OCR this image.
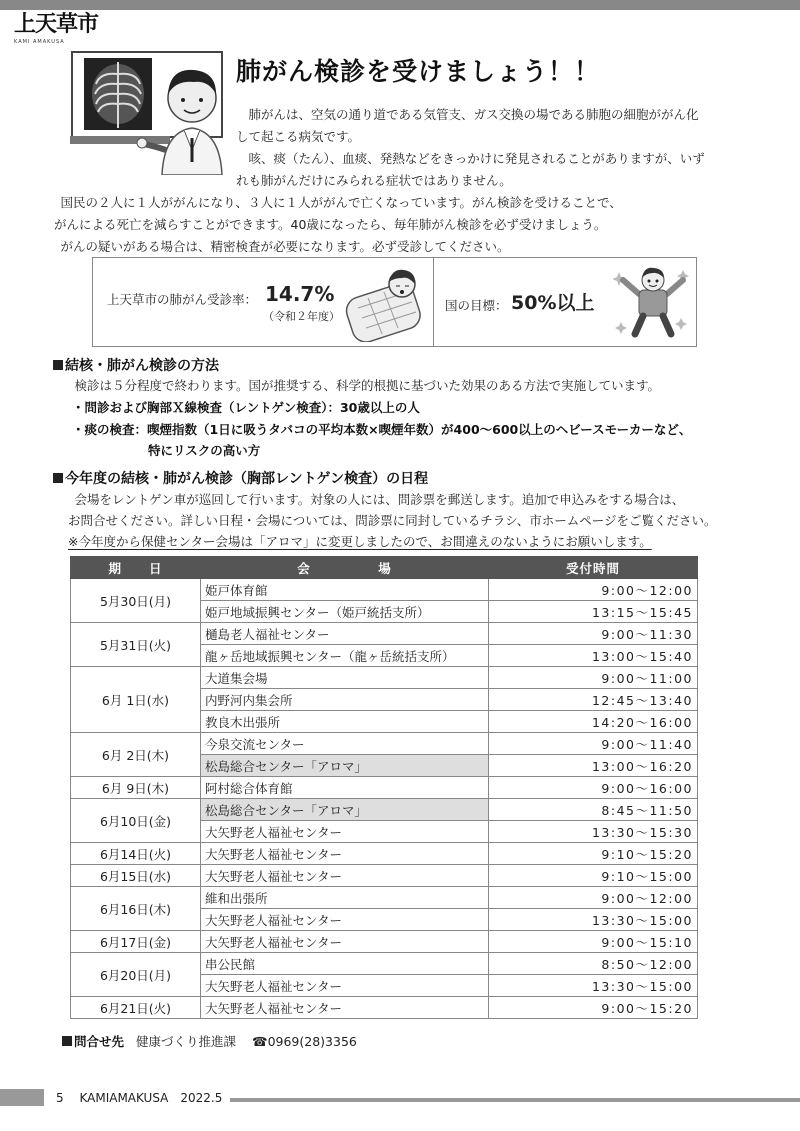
上天草市
KAMI AMAKUSA
肺がん検診を受けましょう！！
　肺がんは、空気の通り道である気管支、ガス交換の場である肺胞の細胞ががん化
して起こる病気です。
　咳、痰（たん）、血痰、発熱などをきっかけに発見されることがありますが、いず
れも肺がんだけにみられる症状ではありません。
　国民の２人に１人ががんになり、３人に１人ががんで亡くなっています。がん検診を受けることで、
がんによる死亡を減らすことができます。40歳になったら、毎年肺がん検診を必ず受けましょう。
　がんの疑いがある場合は、精密検査が必要になります。必ず受診してください。
上天草市の肺がん受診率： 14.7%
（令和２年度）
国の目標： 50%以上
結核・肺がん検診の方法
　検診は５分程度で終わります。国が推奨する、科学的根拠に基づいた効果のある方法で実施しています。
・問診および胸部Ｘ線検査（レントゲン検査）：30歳以上の人
・痰の検査：喫煙指数（1日に吸うタバコの平均本数×喫煙年数）が400～600以上のヘビースモーカーなど、
特にリスクの高い方
今年度の結核・肺がん検診（胸部レントゲン検査）の日程
　会場をレントゲン車が巡回して行います。対象の人には、問診票を郵送します。追加で申込みをする場合は、
お問合せください。詳しい日程・会場については、問診票に同封しているチラシ、市ホームページをご覧ください。
※今年度から保健センター会場は「アロマ」に変更しましたので、お間違えのないようにお願いします。
期　　日	会　　　　　場	受付時間
5月30日(月)	姫戸体育館	9:00～12:00
	姫戸地域振興センター（姫戸統括支所）	13:15～15:45
5月31日(火)	樋島老人福祉センター	9:00～11:30
	龍ヶ岳地域振興センター（龍ヶ岳統括支所）	13:00～15:40
6月 1日(水)	大道集会場	9:00～11:00
	内野河内集会所	12:45～13:40
	教良木出張所	14:20～16:00
6月 2日(木)	今泉交流センター	9:00～11:40
	松島総合センター「アロマ」	13:00～16:20
6月 9日(木)	阿村総合体育館	9:00～16:00
6月10日(金)	松島総合センター「アロマ」	8:45～11:50
	大矢野老人福祉センター	13:30～15:30
6月14日(火)	大矢野老人福祉センター	9:10～15:20
6月15日(水)	大矢野老人福祉センター	9:10～15:00
6月16日(木)	維和出張所	9:00～12:00
	大矢野老人福祉センター	13:30～15:00
6月17日(金)	大矢野老人福祉センター	9:00～15:10
6月20日(月)	串公民館	8:50～12:00
	大矢野老人福祉センター	13:30～15:00
6月21日(火)	大矢野老人福祉センター	9:00～15:20
問合せ先 健康づくり推進課 ☎0969(28)3356
5 KAMIAMAKUSA　2022.5
